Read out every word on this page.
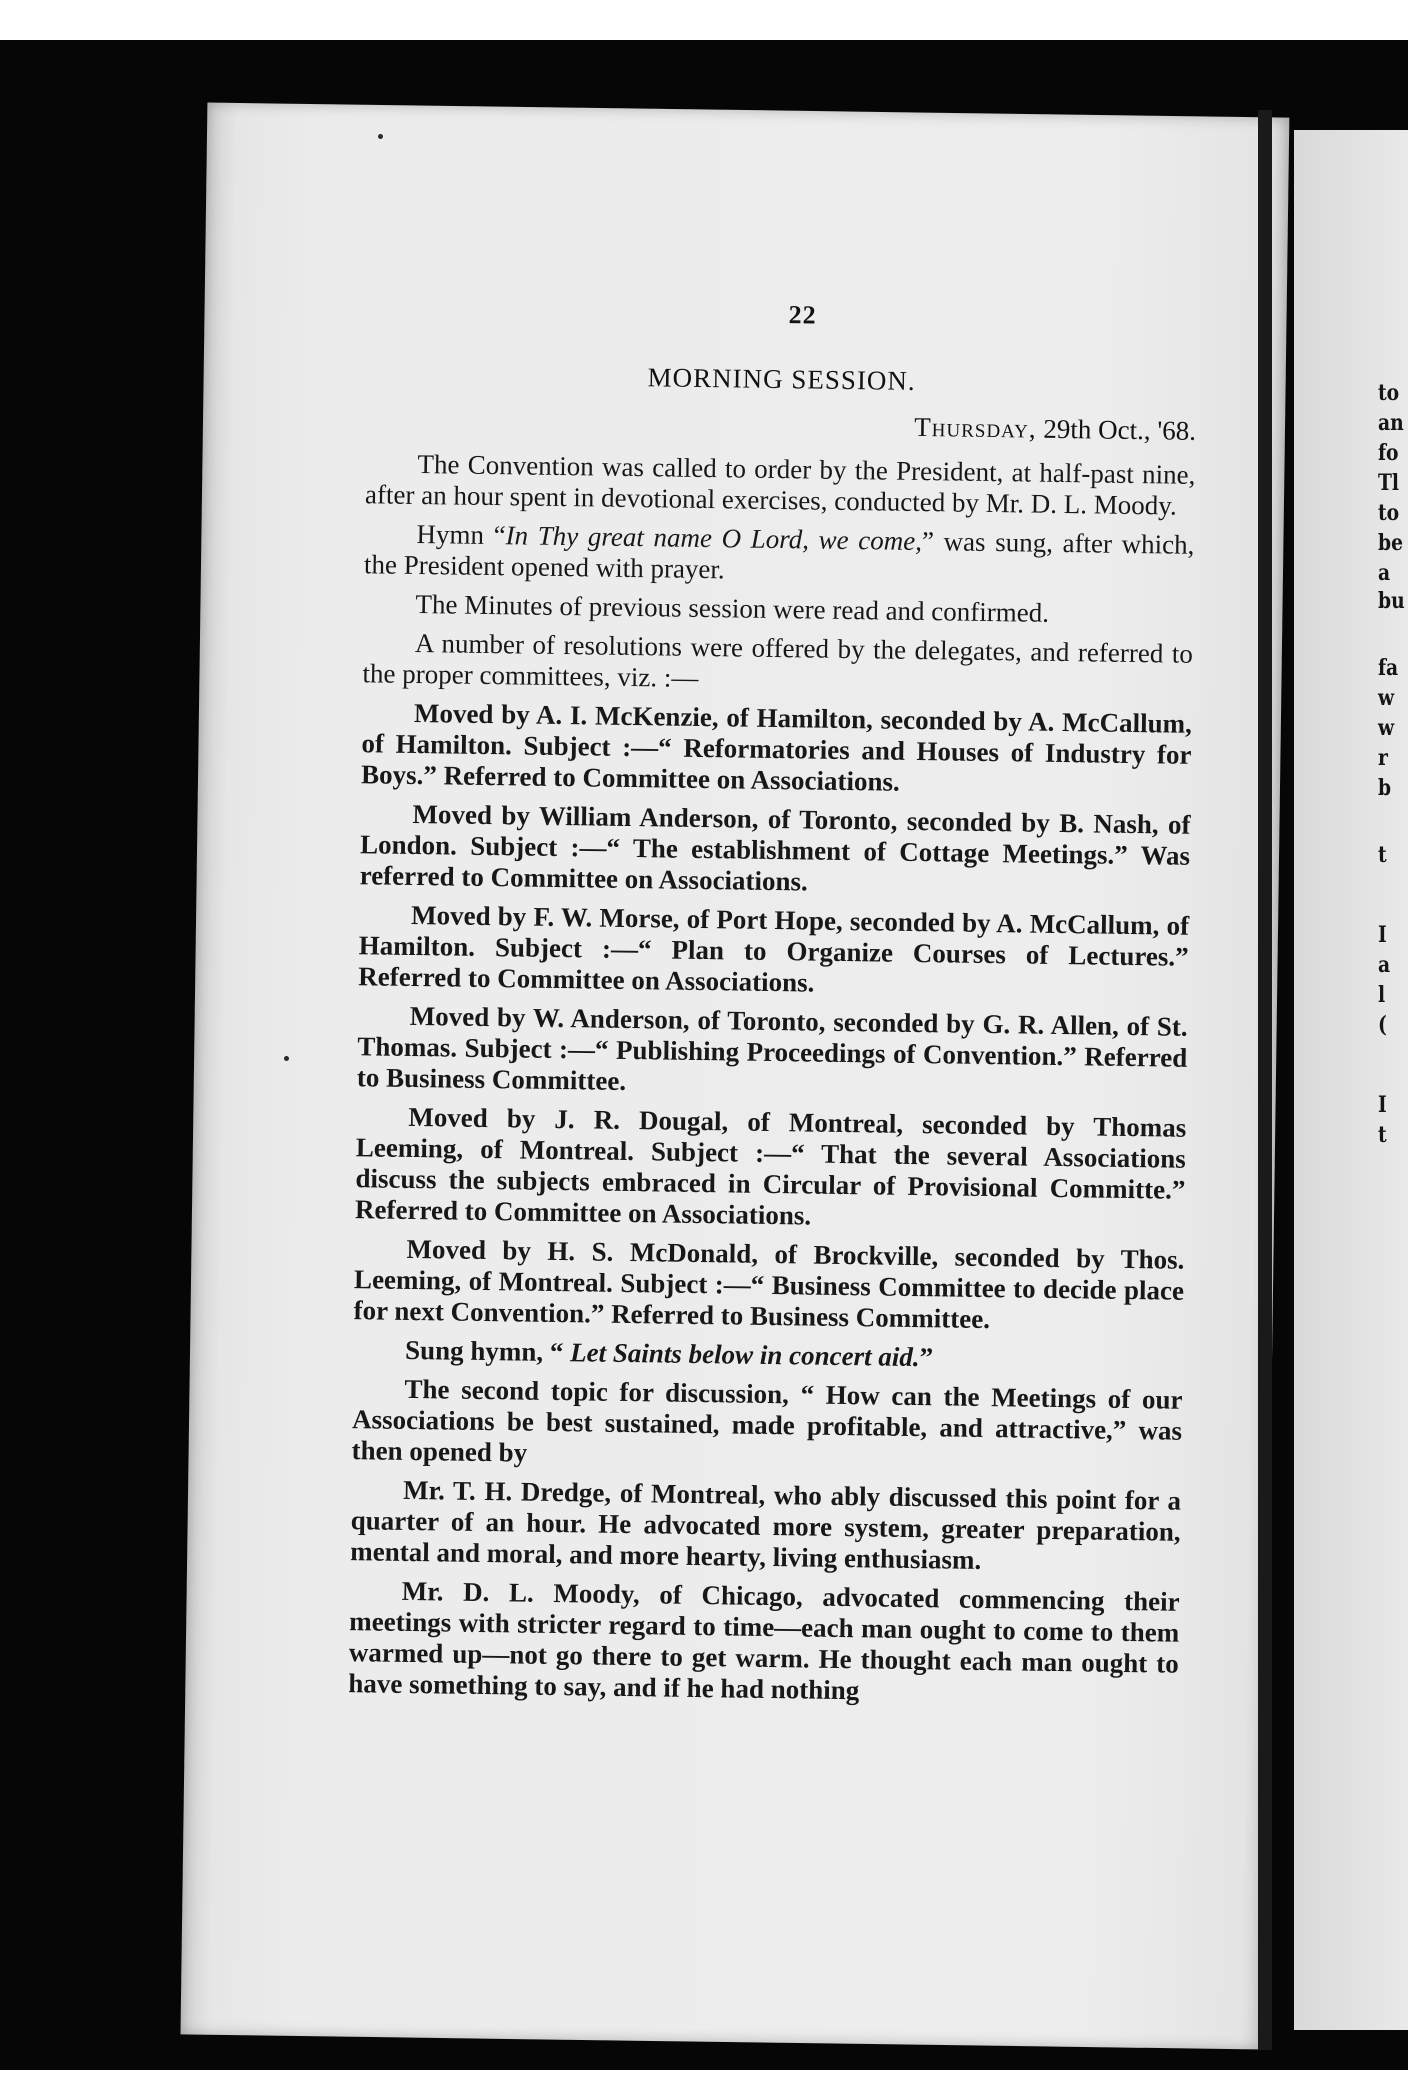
to
an
fo
Tl
to
be
a
bu
fa
w
w
r
b
t
I
a
l
(
I
t
22
MORNING SESSION.
Thursday, 29th Oct., '68.

The Convention was called to order by the President, at half-past nine, after an hour spent in devotional exercises, conducted by Mr. D. L. Moody.

Hymn “In Thy great name O Lord, we come,” was sung, after which, the President opened with prayer.

The Minutes of previous session were read and confirmed.

A number of resolutions were offered by the delegates, and referred to the proper committees, viz. :—

Moved by A. I. McKenzie, of Hamilton, seconded by A. McCallum, of Hamilton. Subject :—“ Reformatories and Houses of Industry for Boys.” Referred to Committee on Associations.

Moved by William Anderson, of Toronto, seconded by B. Nash, of London. Subject :—“ The establishment of Cottage Meetings.” Was referred to Committee on Associations.

Moved by F. W. Morse, of Port Hope, seconded by A. McCallum, of Hamilton. Subject :—“ Plan to Organize Courses of Lectures.” Referred to Committee on Associations.

Moved by W. Anderson, of Toronto, seconded by G. R. Allen, of St. Thomas. Subject :—“ Publishing Proceedings of Convention.” Referred to Business Committee.

Moved by J. R. Dougal, of Montreal, seconded by Thomas Leeming, of Montreal. Subject :—“ That the several Associations discuss the subjects embraced in Circular of Provisional Committe.” Referred to Committee on Associations.

Moved by H. S. McDonald, of Brockville, seconded by Thos. Leeming, of Montreal. Subject :—“ Business Committee to decide place for next Convention.” Referred to Business Committee.

Sung hymn, “ Let Saints below in concert aid.”

The second topic for discussion, “ How can the Meetings of our Associations be best sustained, made profitable, and attractive,” was then opened by

Mr. T. H. Dredge, of Montreal, who ably discussed this point for a quarter of an hour. He advocated more system, greater preparation, mental and moral, and more hearty, living enthusiasm.

Mr. D. L. Moody, of Chicago, advocated commencing their meetings with stricter regard to time—each man ought to come to them warmed up—not go there to get warm. He thought each man ought to have something to say, and if he had nothing
